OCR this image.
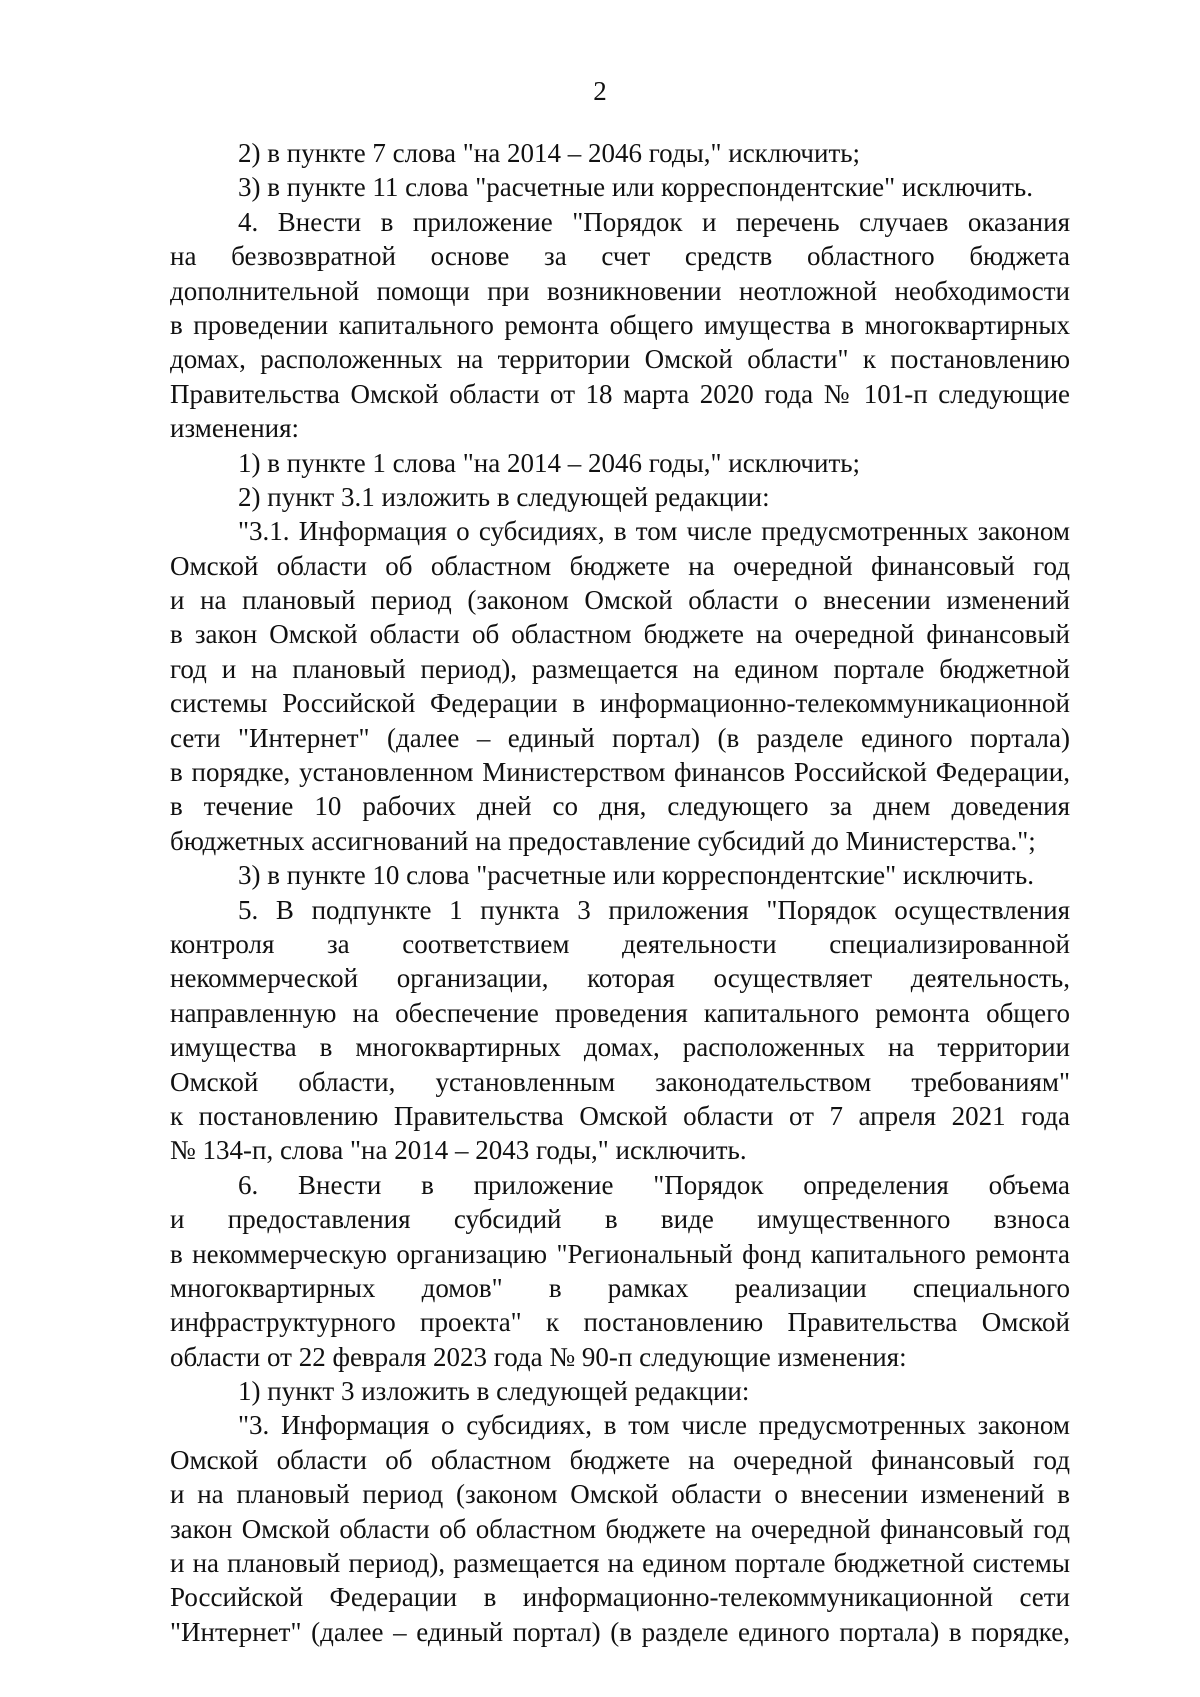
2
2) в пункте 7 слова "на 2014 – 2046 годы," исключить;
3) в пункте 11 слова "расчетные или корреспондентские" исключить.
4. Внести в приложение "Порядок и перечень случаев оказания
на безвозвратной основе за счет средств областного бюджета
дополнительной помощи при возникновении неотложной необходимости
в проведении капитального ремонта общего имущества в многоквартирных
домах, расположенных на территории Омской области" к постановлению
Правительства Омской области от 18 марта 2020 года № 101-п следующие
изменения:
1) в пункте 1 слова "на 2014 – 2046 годы," исключить;
2) пункт 3.1 изложить в следующей редакции:
"3.1. Информация о субсидиях, в том числе предусмотренных законом
Омской области об областном бюджете на очередной финансовый год
и на плановый период (законом Омской области о внесении изменений
в закон Омской области об областном бюджете на очередной финансовый
год и на плановый период), размещается на едином портале бюджетной
системы Российской Федерации в информационно-телекоммуникационной
сети "Интернет" (далее – единый портал) (в разделе единого портала)
в порядке, установленном Министерством финансов Российской Федерации,
в течение 10 рабочих дней со дня, следующего за днем доведения
бюджетных ассигнований на предоставление субсидий до Министерства.";
3) в пункте 10 слова "расчетные или корреспондентские" исключить.
5. В подпункте 1 пункта 3 приложения "Порядок осуществления
контроля за соответствием деятельности специализированной
некоммерческой организации, которая осуществляет деятельность,
направленную на обеспечение проведения капитального ремонта общего
имущества в многоквартирных домах, расположенных на территории
Омской области, установленным законодательством требованиям"
к постановлению Правительства Омской области от 7 апреля 2021 года
№ 134-п, слова "на 2014 – 2043 годы," исключить.
6. Внести в приложение "Порядок определения объема
и предоставления субсидий в виде имущественного взноса
в некоммерческую организацию "Региональный фонд капитального ремонта
многоквартирных домов" в рамках реализации специального
инфраструктурного проекта" к постановлению Правительства Омской
области от 22 февраля 2023 года № 90-п следующие изменения:
1) пункт 3 изложить в следующей редакции:
"3. Информация о субсидиях, в том числе предусмотренных законом
Омской области об областном бюджете на очередной финансовый год
и на плановый период (законом Омской области о внесении изменений в
закон Омской области об областном бюджете на очередной финансовый год
и на плановый период), размещается на едином портале бюджетной системы
Российской Федерации в информационно-телекоммуникационной сети
"Интернет" (далее – единый портал) (в разделе единого портала) в порядке,
